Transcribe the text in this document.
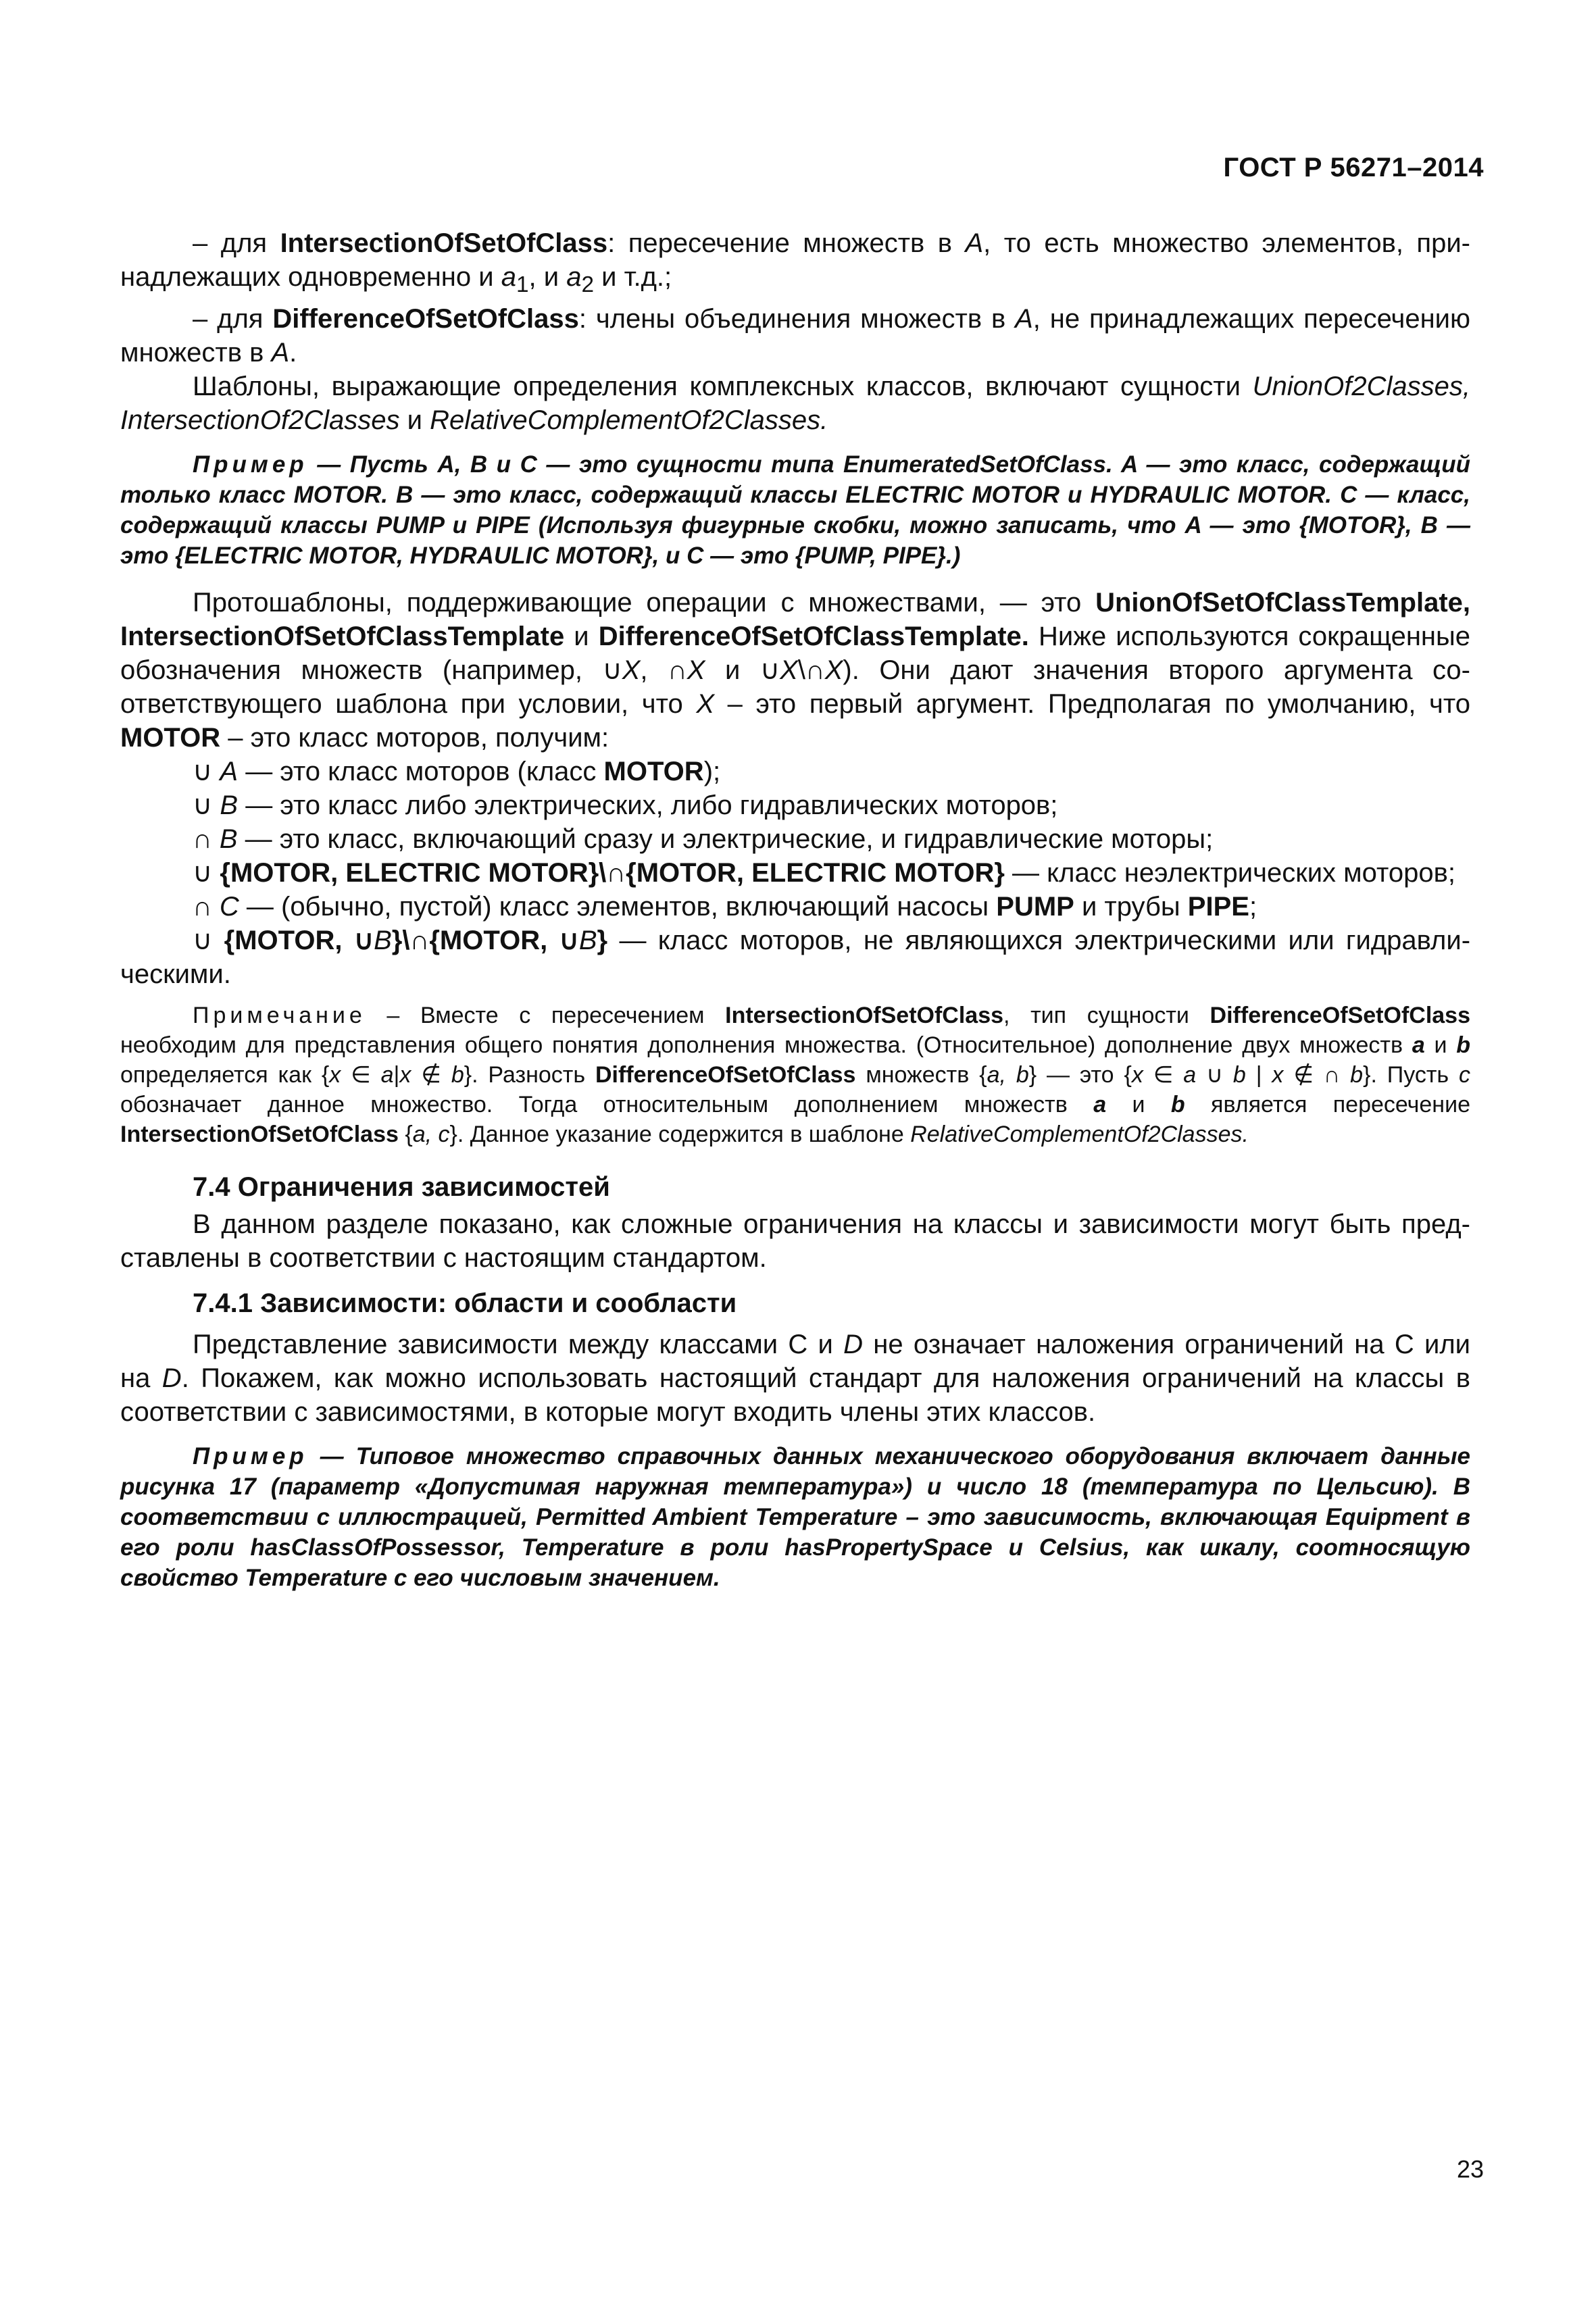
ГОСТ Р 56271–2014

– для IntersectionOfSetOfClass: пересечение множеств в A, то есть множество элементов, принадлежащих одновременно и $a_1$, и $a_2$ и т.д.;

– для DifferenceOfSetOfClass: члены объединения множеств в A, не принадлежащих пересечению множеств в A.

Шаблоны, выражающие определения комплексных классов, включают сущности UnionOf2Classes, IntersectionOf2Classes и RelativeComplementOf2Classes.

Пример — Пусть A, B и C — это сущности типа EnumeratedSetOfClass. A — это класс, содержащий только класс MOTOR. B — это класс, содержащий классы ELECTRIC MOTOR и HYDRAULIC MOTOR. C — класс, содержащий классы PUMP и PIPE (Используя фигурные скобки, можно записать, что A — это {MOTOR}, B — это {ELECTRIC MOTOR, HYDRAULIC MOTOR}, и C — это {PUMP, PIPE}.)

Протошаблоны, поддерживающие операции с множествами, — это UnionOfSetOfClassTemplate, IntersectionOfSetOfClassTemplate и DifferenceOfSetOfClassTemplate. Ниже используются сокращенные обозначения множеств (например, ∪X, ∩X и ∪X\∩X). Они дают значения второго аргумента соответствующего шаблона при условии, что X – это первый аргумент. Предполагая по умолчанию, что MOTOR – это класс моторов, получим:

∪ A — это класс моторов (класс MOTOR);

∪ B — это класс либо электрических, либо гидравлических моторов;

∩ B — это класс, включающий сразу и электрические, и гидравлические моторы;

∪ {MOTOR, ELECTRIC MOTOR}\∩{MOTOR, ELECTRIC MOTOR} — класс неэлектрических моторов;

∩ C — (обычно, пустой) класс элементов, включающий насосы PUMP и трубы PIPE;

∪ {MOTOR, ∪B}\∩{MOTOR, ∪B} — класс моторов, не являющихся электрическими или гидравлическими.

Примечание – Вместе с пересечением IntersectionOfSetOfClass, тип сущности DifferenceOfSetOfClass необходим для представления общего понятия дополнения множества. (Относительное) дополнение двух множеств a и b определяется как {x ∈ a|x ∉ b}. Разность DifferenceOfSetOfClass множеств {a, b} — это {x ∈ a ∪ b | x ∉ ∩ b}. Пусть c обозначает данное множество. Тогда относительным дополнением множеств a и b является пересечение IntersectionOfSetOfClass {a, c}. Данное указание содержится в шаблоне RelativeComplementOf2Classes.

7.4 Ограничения зависимостей

В данном разделе показано, как сложные ограничения на классы и зависимости могут быть представлены в соответствии с настоящим стандартом.

7.4.1 Зависимости: области и сообласти

Представление зависимости между классами C и D не означает наложения ограничений на C или на D. Покажем, как можно использовать настоящий стандарт для наложения ограничений на классы в соответствии с зависимостями, в которые могут входить члены этих классов.

Пример — Типовое множество справочных данных механического оборудования включает данные рисунка 17 (параметр «Допустимая наружная температура») и число 18 (температура по Цельсию). В соответствии с иллюстрацией, Permitted Ambient Temperature – это зависимость, включающая Equipment в его роли hasClassOfPossessor, Temperature в роли hasPropertySpace и Celsius, как шкалу, соотносящую свойство Temperature с его числовым значением.

23
